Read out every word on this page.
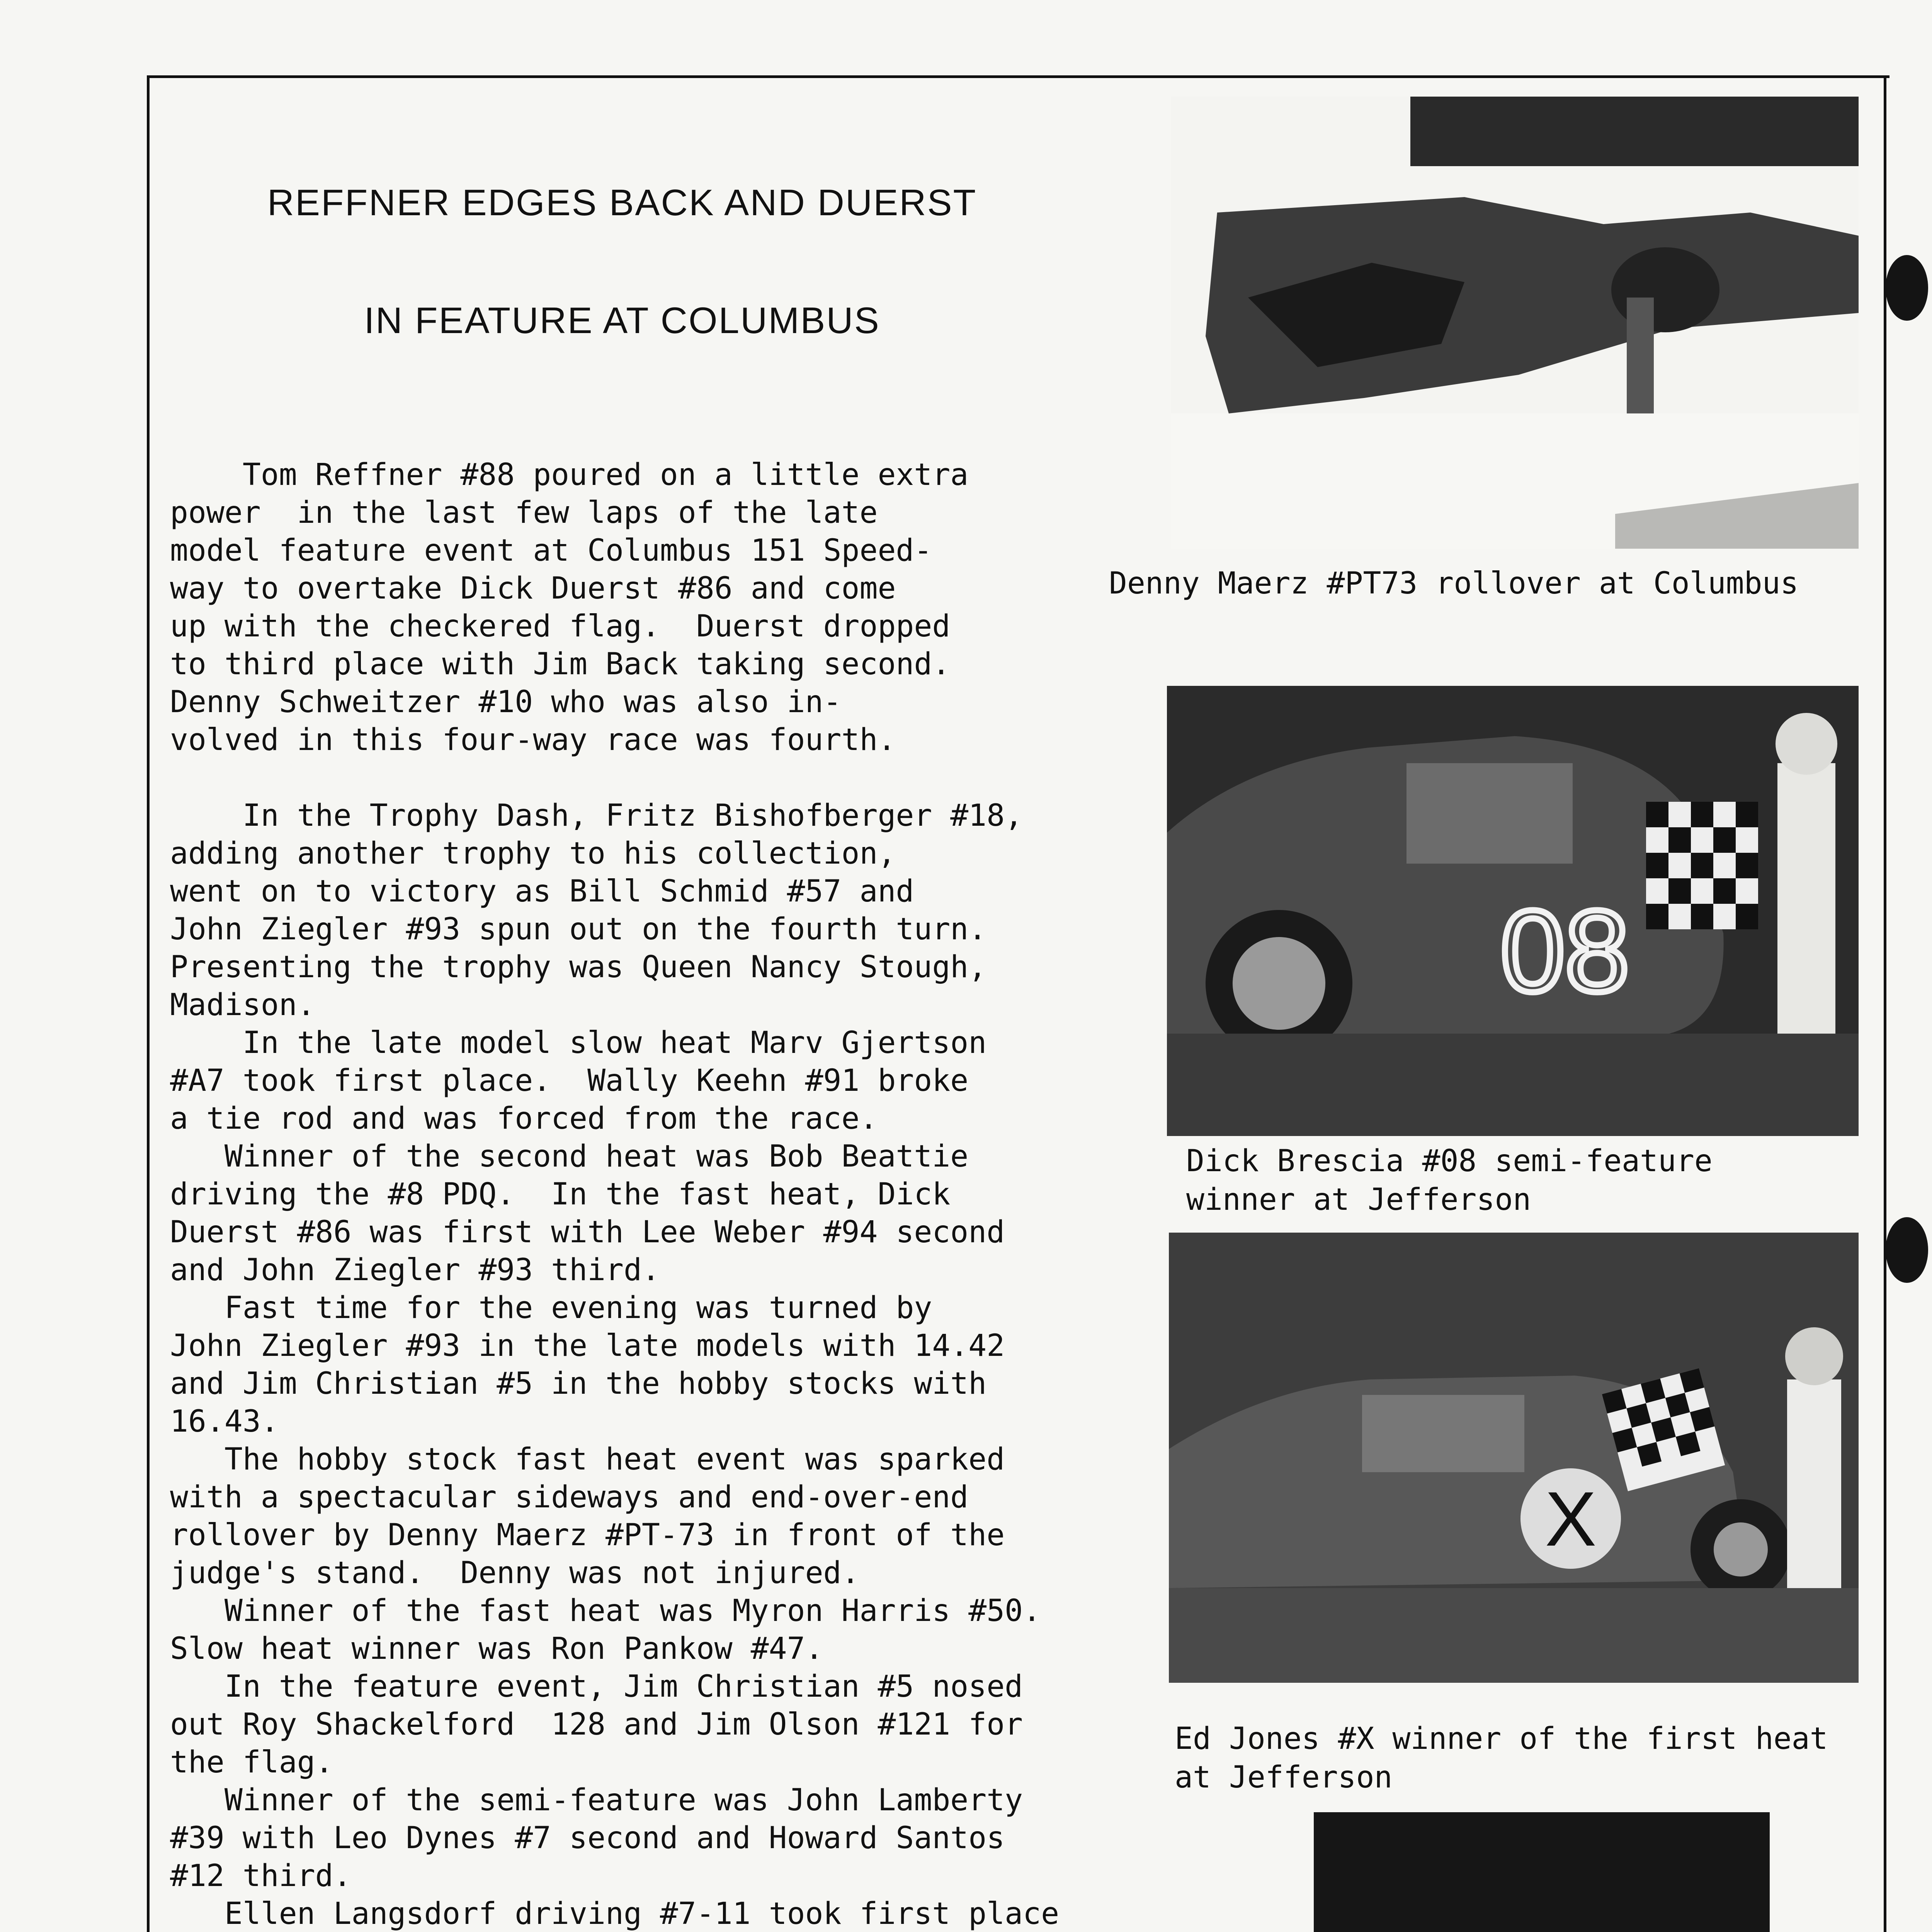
REFFNER EDGES BACK AND DUERST
IN FEATURE AT COLUMBUS

Tom Reffner #88 poured on a little extra
power  in the last few laps of the late
model feature event at Columbus 151 Speed-
way to overtake Dick Duerst #86 and come
up with the checkered flag.  Duerst dropped
to third place with Jim Back taking second.
Denny Schweitzer #10 who was also in-
volved in this four-way race was fourth.

In the Trophy Dash, Fritz Bishofberger #18,
adding another trophy to his collection,
went on to victory as Bill Schmid #57 and
John Ziegler #93 spun out on the fourth turn.
Presenting the trophy was Queen Nancy Stough,
Madison.
In the late model slow heat Marv Gjertson
#A7 took first place.  Wally Keehn #91 broke
a tie rod and was forced from the race.
Winner of the second heat was Bob Beattie
driving the #8 PDQ.  In the fast heat, Dick
Duerst #86 was first with Lee Weber #94 second
and John Ziegler #93 third.
Fast time for the evening was turned by
John Ziegler #93 in the late models with 14.42
and Jim Christian #5 in the hobby stocks with
16.43.
The hobby stock fast heat event was sparked
with a spectacular sideways and end-over-end
rollover by Denny Maerz #PT-73 in front of the
judge's stand.  Denny was not injured.
Winner of the fast heat was Myron Harris #50.
Slow heat winner was Ron Pankow #47.
In the feature event, Jim Christian #5 nosed
out Roy Shackelford  128 and Jim Olson #121 for
the flag.
Winner of the semi-feature was John Lamberty
#39 with Leo Dynes #7 second and Howard Santos
#12 third.
Ellen Langsdorf driving #7-11 took first place

Denny Maerz #PT73 rollover at Columbus

08

Dick Brescia #08 semi-feature
winner at Jefferson

X

Ed Jones #X winner of the first heat
at Jefferson
